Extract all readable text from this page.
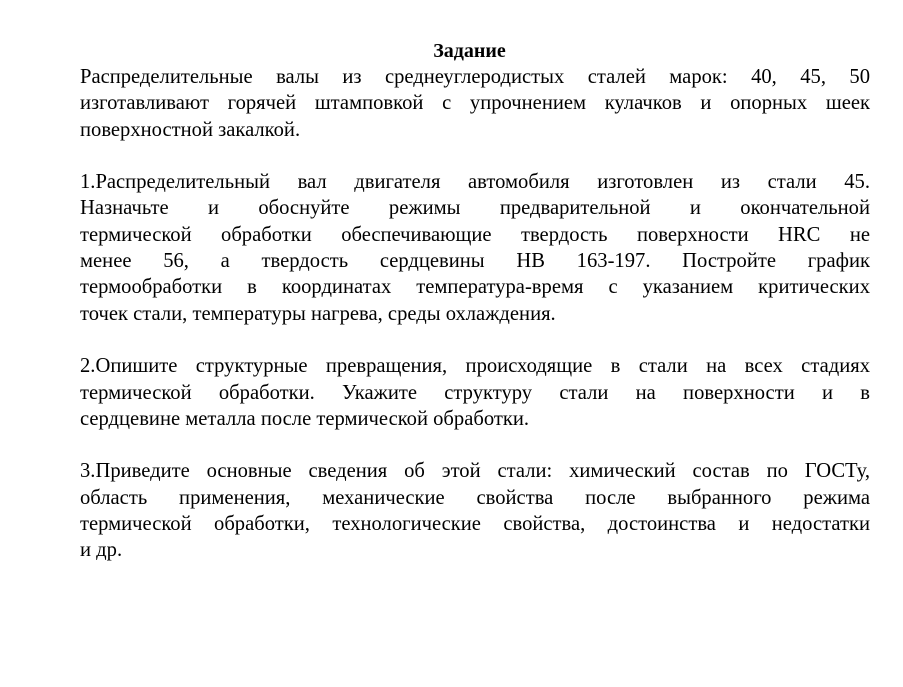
Задание
Распределительные валы из среднеуглеродистых сталей марок: 40, 45, 50
изготавливают горячей штамповкой с упрочнением кулачков и опорных шеек
поверхностной закалкой.
1.Распределительный вал двигателя автомобиля изготовлен из стали 45.
Назначьте и обоснуйте режимы предварительной и окончательной
термической обработки обеспечивающие твердость поверхности HRC не
менее 56, а твердость сердцевины НВ 163-197. Постройте график
термообработки в координатах температура-время с указанием критических
точек стали, температуры нагрева, среды охлаждения.
2.Опишите структурные превращения, происходящие в стали на всех стадиях
термической обработки. Укажите структуру стали на поверхности и в
сердцевине металла после термической обработки.
3.Приведите основные сведения об этой стали: химический состав по ГОСТу,
область применения, механические свойства после выбранного режима
термической обработки, технологические свойства, достоинства и недостатки
и др.
